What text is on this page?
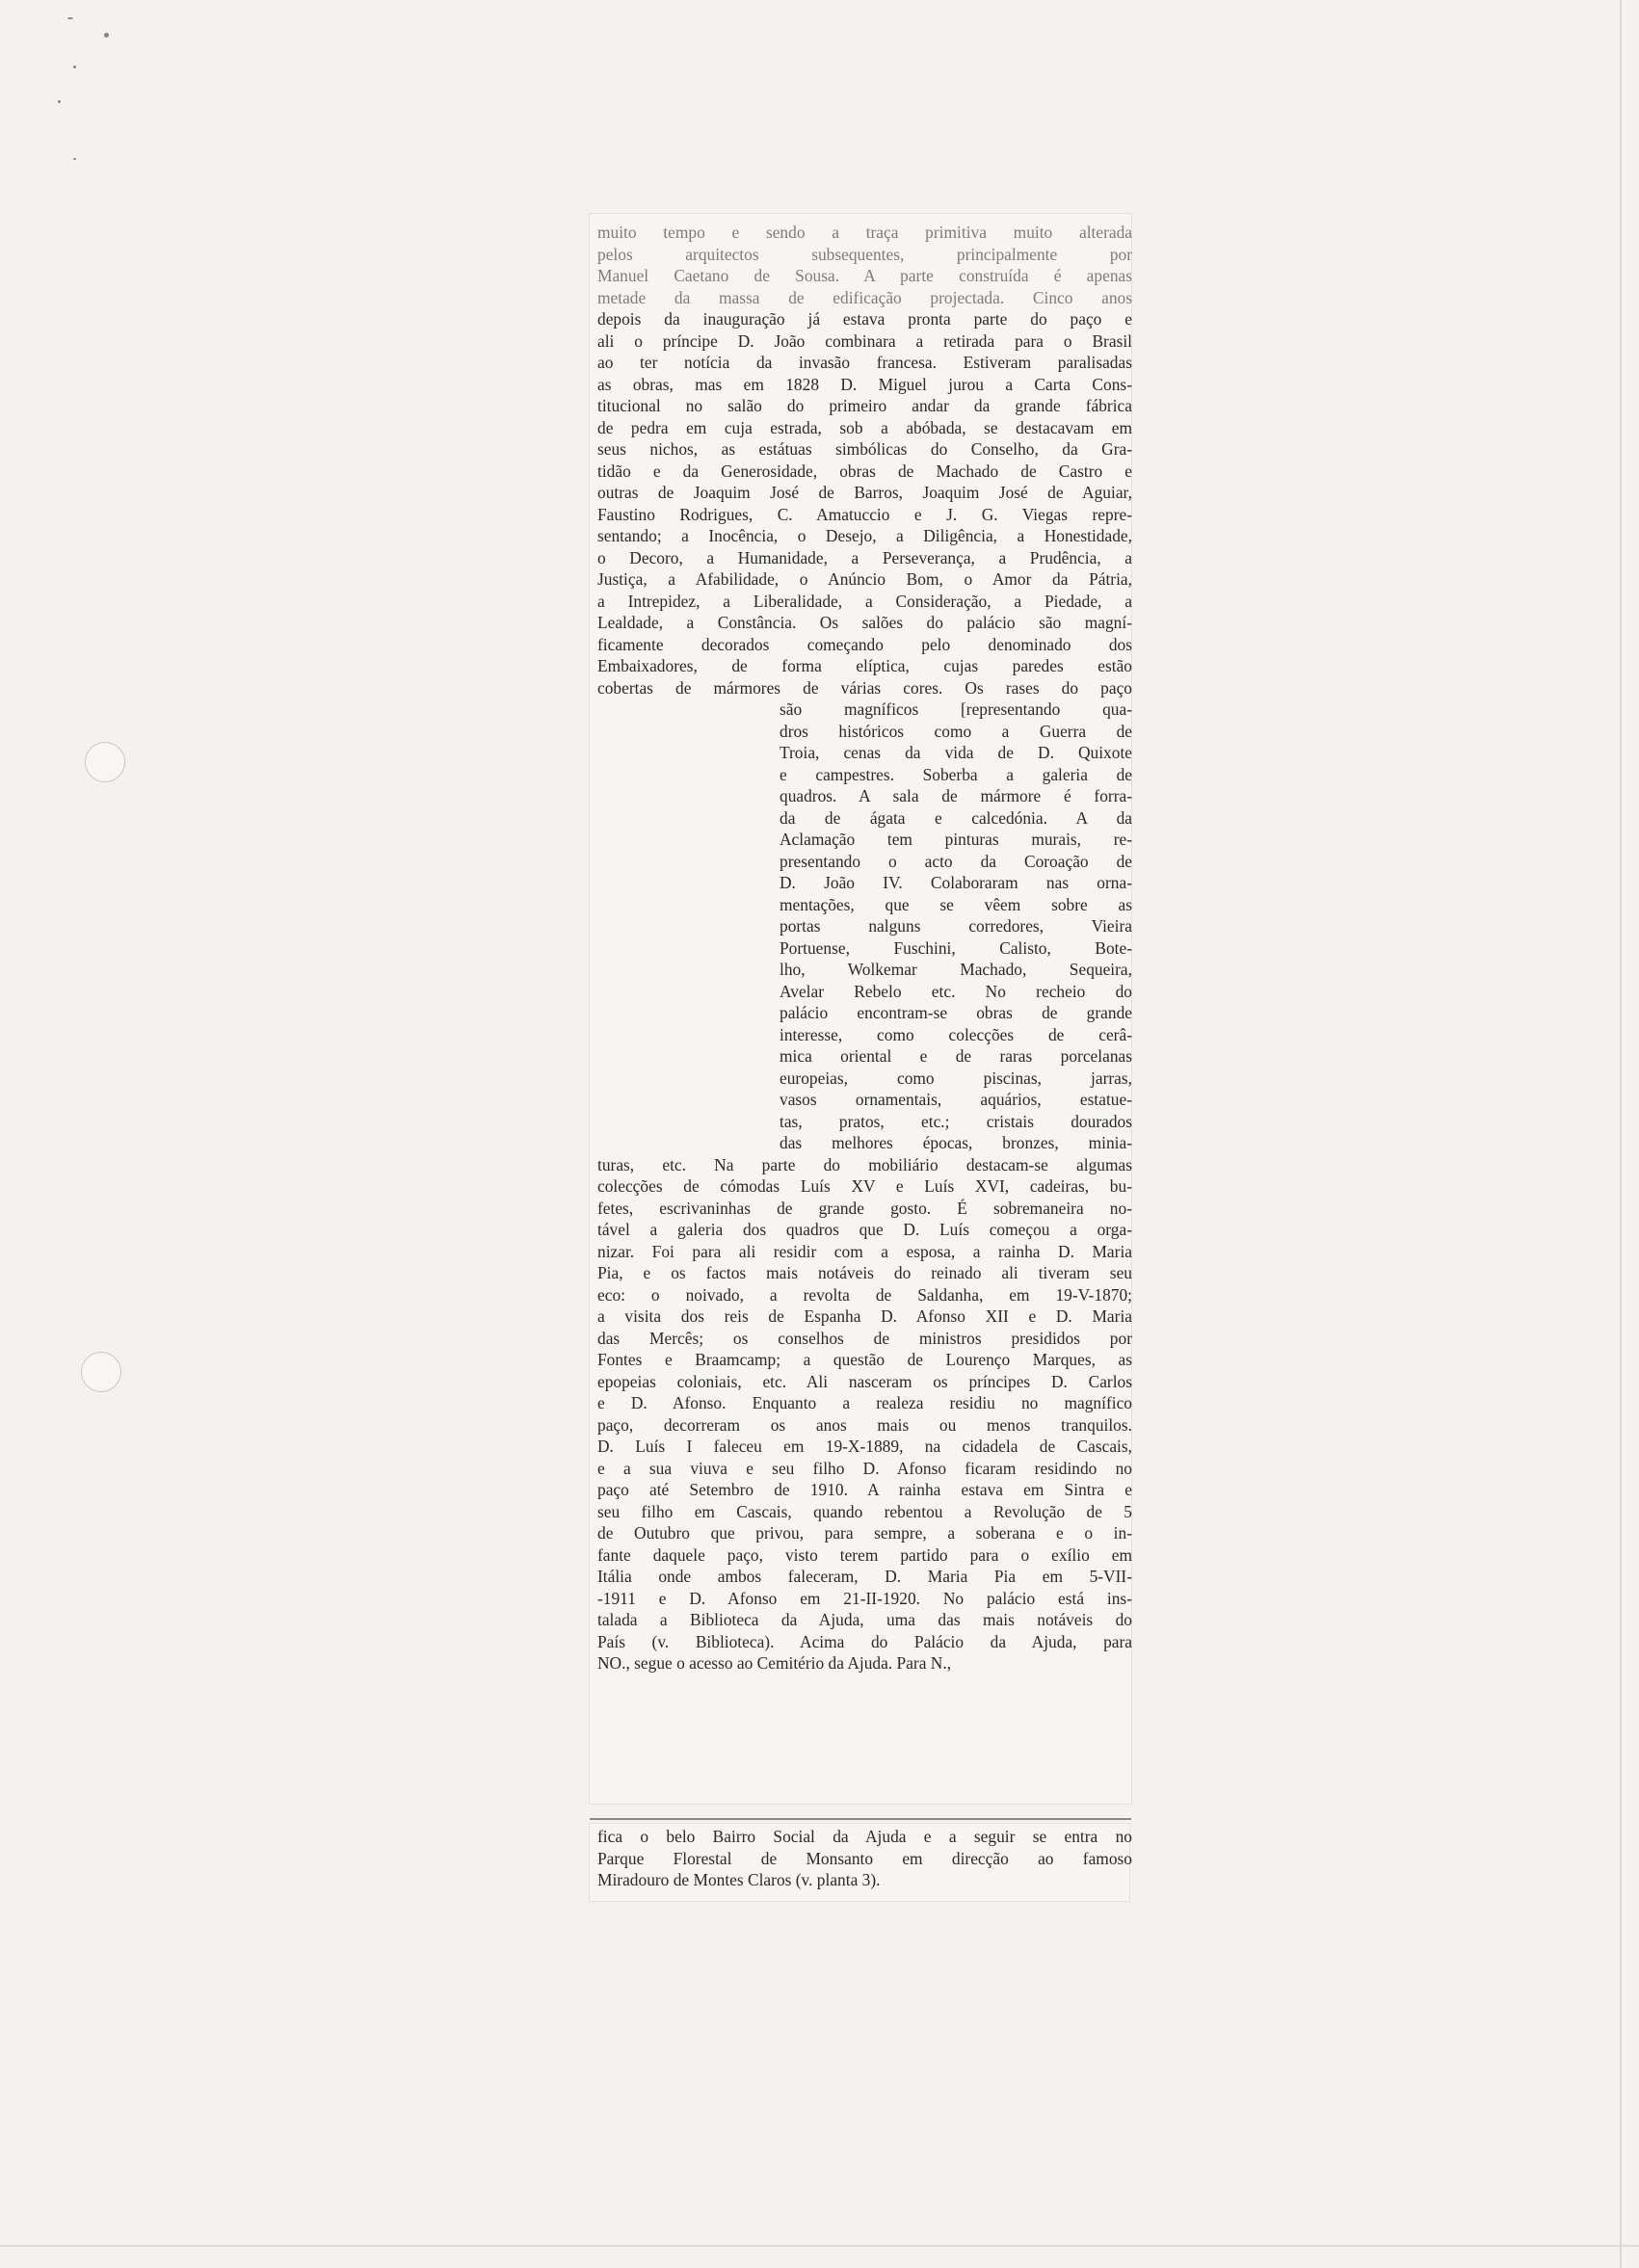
muito tempo e sendo a traça primitiva muito alterada

pelos arquitectos subsequentes, principalmente por

Manuel Caetano de Sousa. A parte construída é apenas

metade da massa de edificação projectada. Cinco anos

depois da inauguração já estava pronta parte do paço e

ali o príncipe D. João combinara a retirada para o Brasil

ao ter notícia da invasão francesa. Estiveram paralisadas

as obras, mas em 1828 D. Miguel jurou a Carta Cons-

titucional no salão do primeiro andar da grande fábrica

de pedra em cuja estrada, sob a abóbada, se destacavam em

seus nichos, as estátuas simbólicas do Conselho, da Gra-

tidão e da Generosidade, obras de Machado de Castro e

outras de Joaquim José de Barros, Joaquim José de Aguiar,

Faustino Rodrigues, C. Amatuccio e J. G. Viegas repre-

sentando; a Inocência, o Desejo, a Diligência, a Honestidade,

o Decoro, a Humanidade, a Perseverança, a Prudência, a

Justiça, a Afabilidade, o Anúncio Bom, o Amor da Pátria,

a Intrepidez, a Liberalidade, a Consideração, a Piedade, a

Lealdade, a Constância. Os salões do palácio são magní-

ficamente decorados começando pelo denominado dos

Embaixadores, de forma elíptica, cujas paredes estão

cobertas de mármores de várias cores. Os rases do paço

são magníficos [representando qua-

dros históricos como a Guerra de

Troia, cenas da vida de D. Quixote

e campestres. Soberba a galeria de

quadros. A sala de mármore é forra-

da de ágata e calcedónia. A da

Aclamação tem pinturas murais, re-

presentando o acto da Coroação de

D. João IV. Colaboraram nas orna-

mentações, que se vêem sobre as

portas nalguns corredores, Vieira

Portuense, Fuschini, Calisto, Bote-

lho, Wolkemar Machado, Sequeira,

Avelar Rebelo etc. No recheio do

palácio encontram-se obras de grande

interesse, como colecções de cerâ-

mica oriental e de raras porcelanas

europeias, como piscinas, jarras,

vasos ornamentais, aquários, estatue-

tas, pratos, etc.; cristais dourados

das melhores épocas, bronzes, minia-

turas, etc. Na parte do mobiliário destacam-se algumas

colecções de cómodas Luís XV e Luís XVI, cadeiras, bu-

fetes, escrivaninhas de grande gosto. É sobremaneira no-

tável a galeria dos quadros que D. Luís começou a orga-

nizar. Foi para ali residir com a esposa, a rainha D. Maria

Pia, e os factos mais notáveis do reinado ali tiveram seu

eco: o noivado, a revolta de Saldanha, em 19-V-1870;

a visita dos reis de Espanha D. Afonso XII e D. Maria

das Mercês; os conselhos de ministros presididos por

Fontes e Braamcamp; a questão de Lourenço Marques, as

epopeias coloniais, etc. Ali nasceram os príncipes D. Carlos

e D. Afonso. Enquanto a realeza residiu no magnífico

paço, decorreram os anos mais ou menos tranquilos.

D. Luís I faleceu em 19-X-1889, na cidadela de Cascais,

e a sua viuva e seu filho D. Afonso ficaram residindo no

paço até Setembro de 1910. A rainha estava em Sintra e

seu filho em Cascais, quando rebentou a Revolução de 5

de Outubro que privou, para sempre, a soberana e o in-

fante daquele paço, visto terem partido para o exílio em

Itália onde ambos faleceram, D. Maria Pia em 5-VII-

-1911 e D. Afonso em 21-II-1920. No palácio está ins-

talada a Biblioteca da Ajuda, uma das mais notáveis do

País (v. Biblioteca). Acima do Palácio da Ajuda, para

NO., segue o acesso ao Cemitério da Ajuda. Para N.,

fica o belo Bairro Social da Ajuda e a seguir se entra no

Parque Florestal de Monsanto em direcção ao famoso

Miradouro de Montes Claros (v. planta 3).
